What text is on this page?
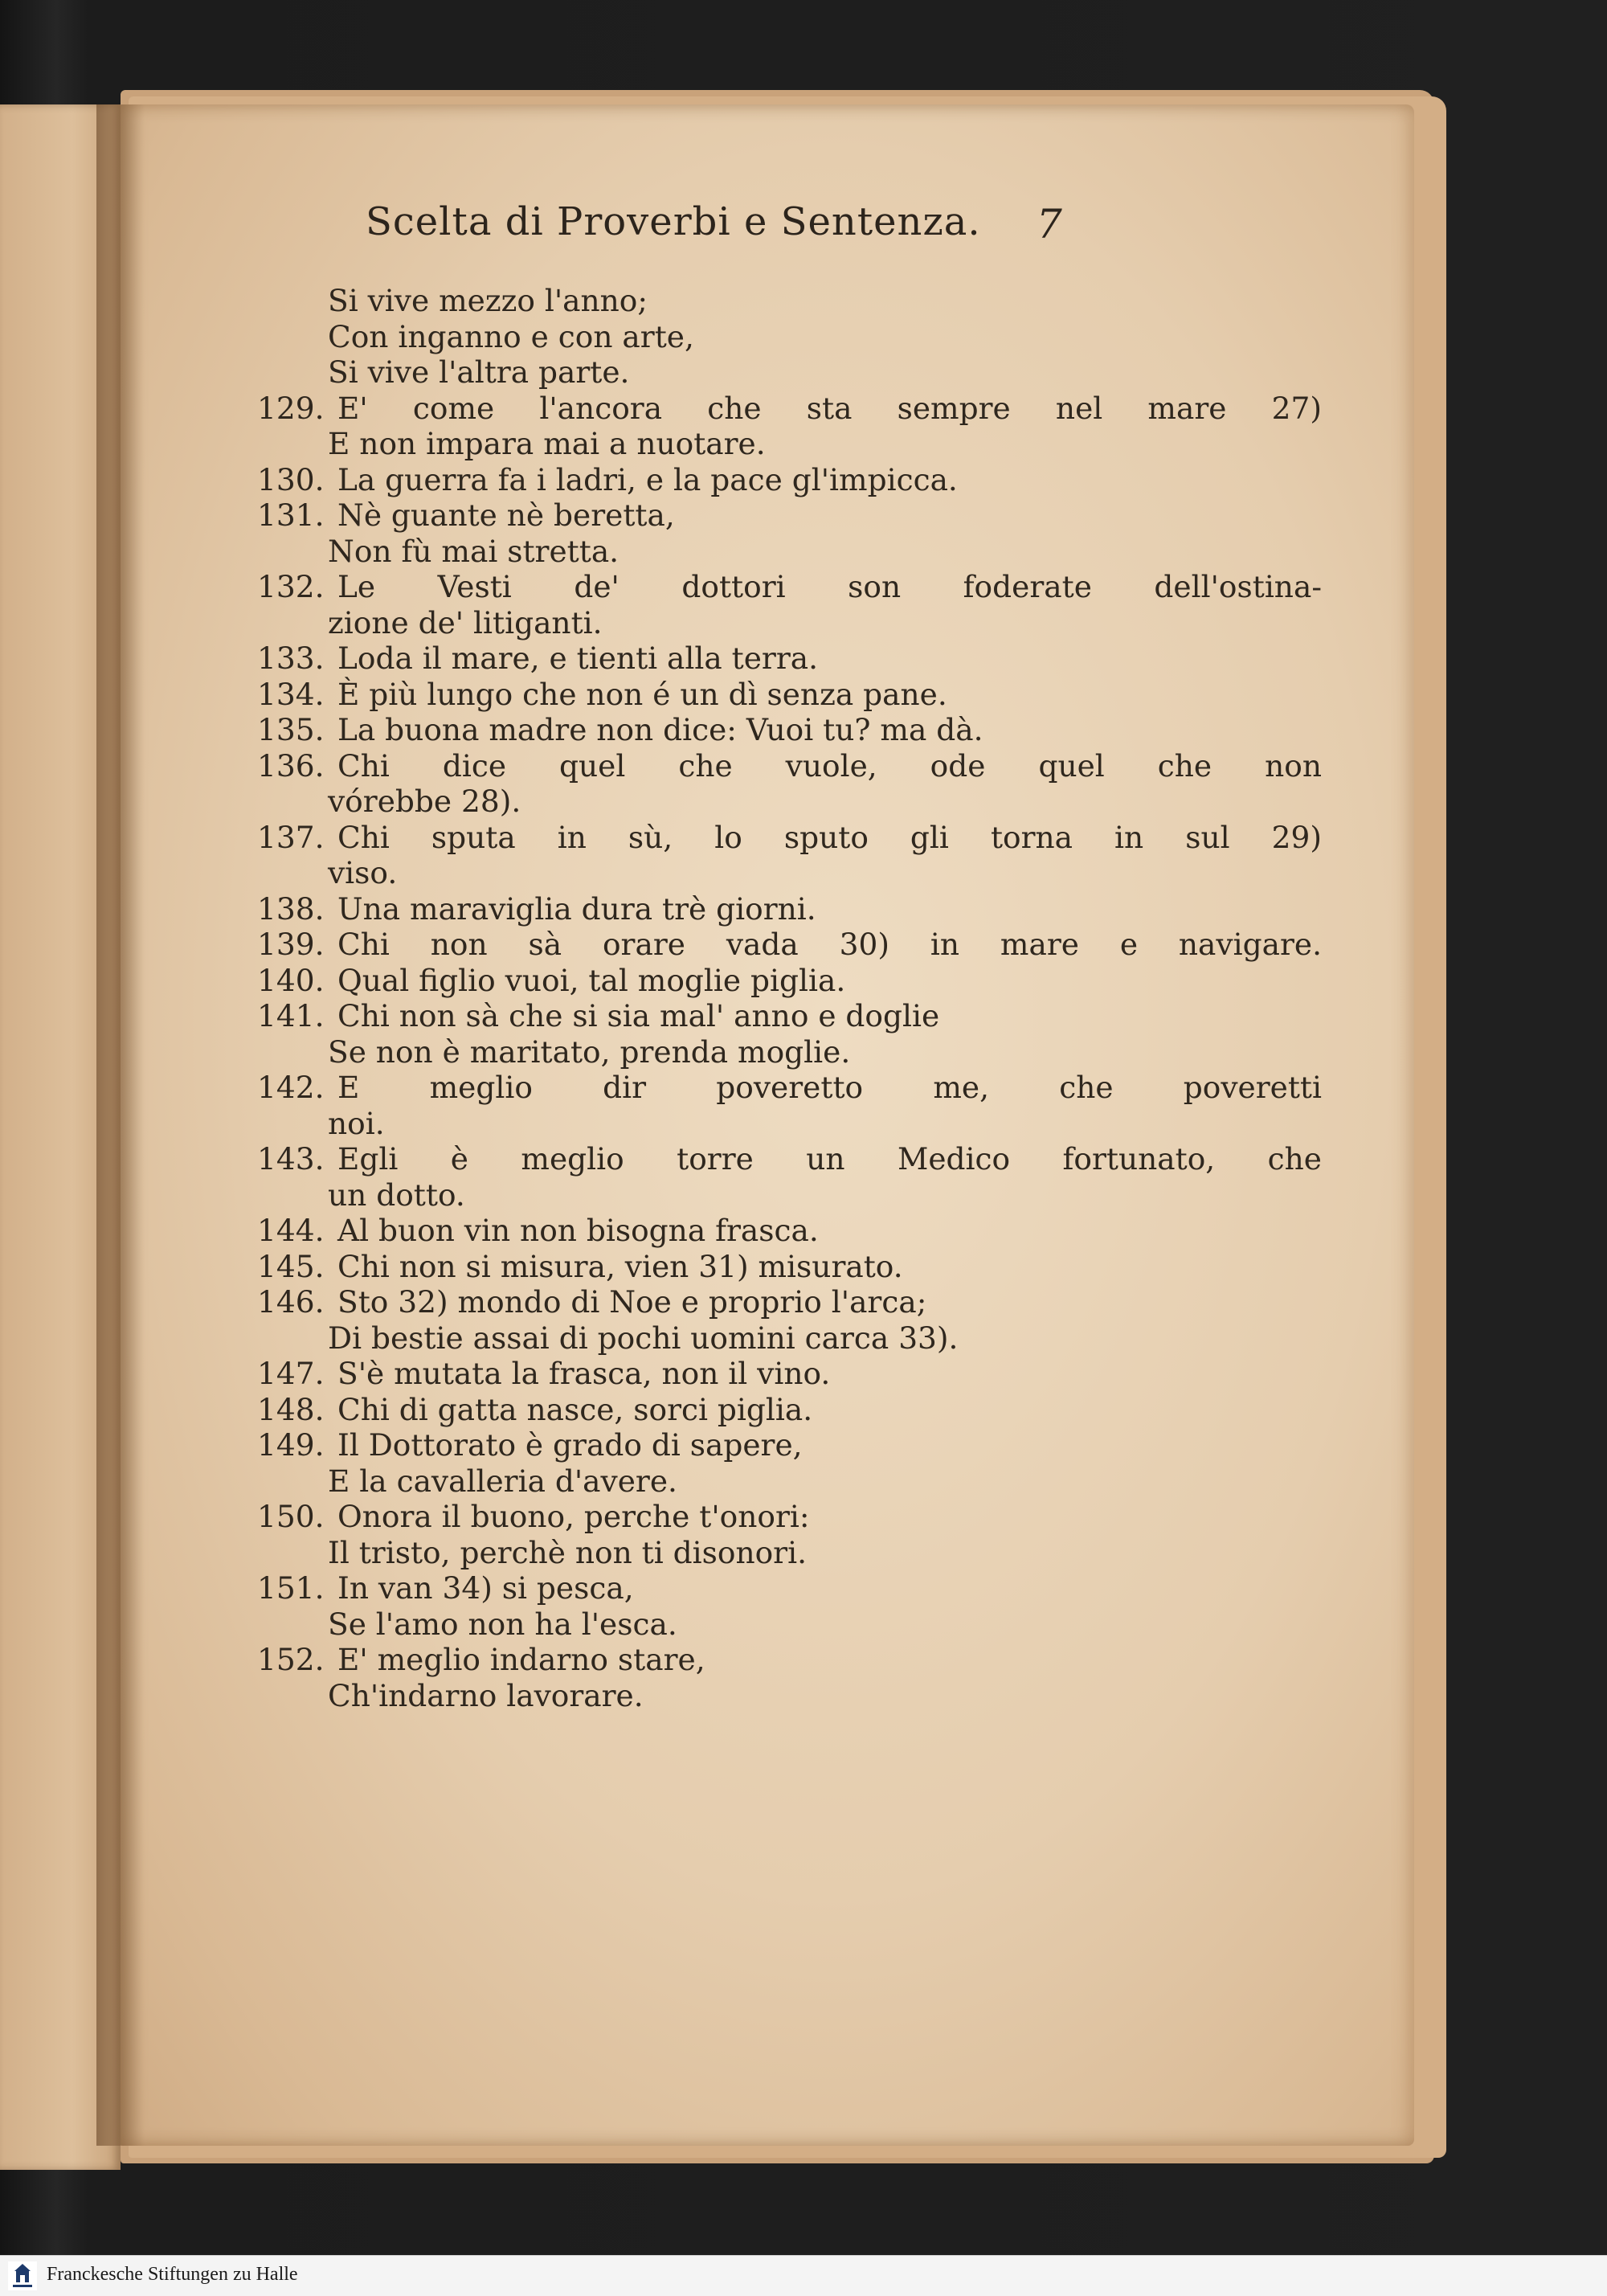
Scelta di Proverbi e Sentenza. 7
Si vive mezzo l'anno;
Con inganno e con arte,
Si vive l'altra parte.
129. E' come l'ancora che sta sempre nel mare 27)
E non impara mai a nuotare.
130. La guerra fa i ladri, e la pace gl'impicca.
131. Nè guante nè beretta,
Non fù mai stretta.
132. Le Vesti de' dottori son foderate dell'ostina-
zione de' litiganti.
133. Loda il mare, e tienti alla terra.
134. È più lungo che non é un dì senza pane.
135. La buona madre non dice: Vuoi tu? ma dà.
136. Chi dice quel che vuole, ode quel che non
vórebbe 28).
137. Chi sputa in sù, lo sputo gli torna in sul 29)
viso.
138. Una maraviglia dura trè giorni.
139. Chi non sà orare vada 30) in mare e navigare.
140. Qual figlio vuoi, tal moglie piglia.
141. Chi non sà che si sia mal' anno e doglie
Se non è maritato, prenda moglie.
142. E meglio dir poveretto me, che poveretti
noi.
143. Egli è meglio torre un Medico fortunato, che
un dotto.
144. Al buon vin non bisogna frasca.
145. Chi non si misura, vien 31) misurato.
146. Sto 32) mondo di Noe e proprio l'arca;
Di bestie assai di pochi uomini carca 33).
147. S'è mutata la frasca, non il vino.
148. Chi di gatta nasce, sorci piglia.
149. Il Dottorato è grado di sapere,
E la cavalleria d'avere.
150. Onora il buono, perche t'onori:
Il tristo, perchè non ti disonori.
151. In van 34) si pesca,
Se l'amo non ha l'esca.
152. E' meglio indarno stare,
Ch'indarno lavorare.
Franckesche Stiftungen zu Halle
